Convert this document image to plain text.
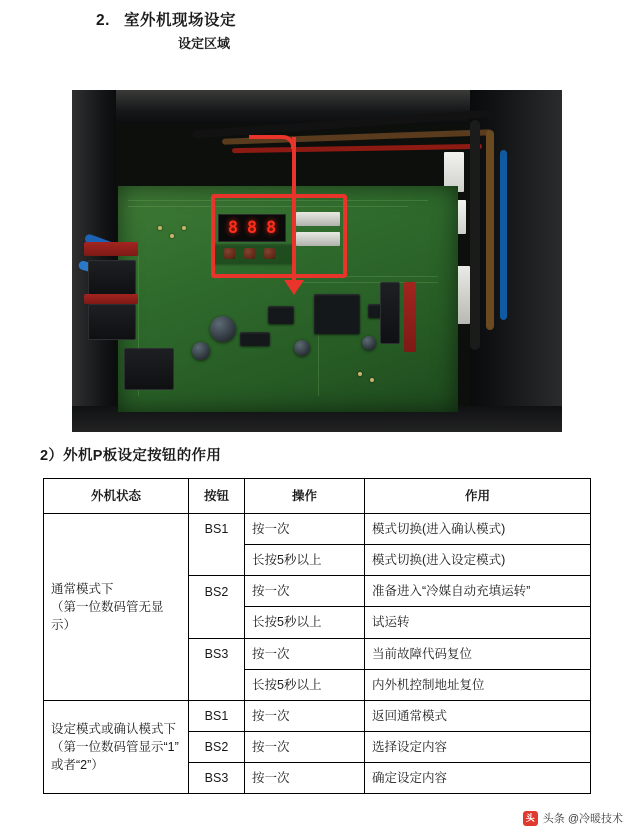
2. 室外机现场设定
设定区域
8 8 8
2）外机P板设定按钮的作用
外机状态	按钮	操作	作用
通常模式下
（第一位数码管无显示）	BS1	按一次	模式切换(进入确认模式)
		长按5秒以上	模式切换(进入设定模式)
	BS2	按一次	准备进入“冷媒自动充填运转”
		长按5秒以上	试运转
	BS3	按一次	当前故障代码复位
		长按5秒以上	内外机控制地址复位
设定模式或确认模式下
（第一位数码管显示“1”
或者“2”）	BS1	按一次	返回通常模式
	BS2	按一次	选择设定内容
	BS3	按一次	确定设定内容
头 头条 @冷暖技术
